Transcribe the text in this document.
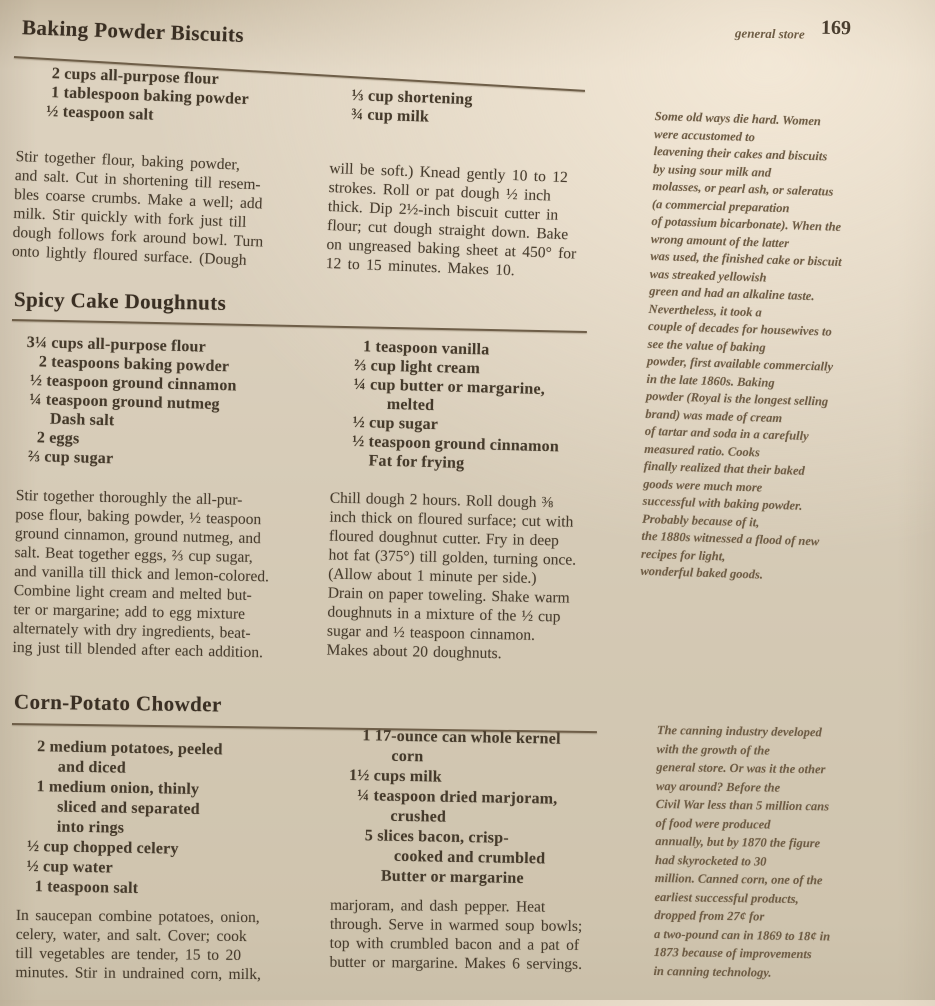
general store 169
Baking Powder Biscuits
2 cups all-purpose flour
1 tablespoon baking powder
½ teaspoon salt
⅓ cup shortening
¾ cup milk
Stir together flour, baking powder,
and salt. Cut in shortening till resem-
bles coarse crumbs. Make a well; add
milk. Stir quickly with fork just till
dough follows fork around bowl. Turn
onto lightly floured surface. (Dough
will be soft.) Knead gently 10 to 12
strokes. Roll or pat dough ½ inch
thick. Dip 2½-inch biscuit cutter in
flour; cut dough straight down. Bake
on ungreased baking sheet at 450° for
12 to 15 minutes. Makes 10.
Some old ways die hard. Women
were accustomed to
leavening their cakes and biscuits
by using sour milk and
molasses, or pearl ash, or saleratus
(a commercial preparation
of potassium bicarbonate). When the
wrong amount of the latter
was used, the finished cake or biscuit
was streaked yellowish
green and had an alkaline taste.
Nevertheless, it took a
couple of decades for housewives to
see the value of baking
powder, first available commercially
in the late 1860s. Baking
powder (Royal is the longest selling
brand) was made of cream
of tartar and soda in a carefully
measured ratio. Cooks
finally realized that their baked
goods were much more
successful with baking powder.
Probably because of it,
the 1880s witnessed a flood of new
recipes for light,
wonderful baked goods.
Spicy Cake Doughnuts
3¼ cups all-purpose flour
2 teaspoons baking powder
½ teaspoon ground cinnamon
¼ teaspoon ground nutmeg
Dash salt
2 eggs
⅔ cup sugar
1 teaspoon vanilla
⅔ cup light cream
¼ cup butter or margarine,
melted
½ cup sugar
½ teaspoon ground cinnamon
Fat for frying
Stir together thoroughly the all-pur-
pose flour, baking powder, ½ teaspoon
ground cinnamon, ground nutmeg, and
salt. Beat together eggs, ⅔ cup sugar,
and vanilla till thick and lemon-colored.
Combine light cream and melted but-
ter or margarine; add to egg mixture
alternately with dry ingredients, beat-
ing just till blended after each addition.
Chill dough 2 hours. Roll dough ⅜
inch thick on floured surface; cut with
floured doughnut cutter. Fry in deep
hot fat (375°) till golden, turning once.
(Allow about 1 minute per side.)
Drain on paper toweling. Shake warm
doughnuts in a mixture of the ½ cup
sugar and ½ teaspoon cinnamon.
Makes about 20 doughnuts.
Corn-Potato Chowder
2 medium potatoes, peeled
and diced
1 medium onion, thinly
sliced and separated
into rings
½ cup chopped celery
½ cup water
1 teaspoon salt
1 17-ounce can whole kernel
corn
1½ cups milk
¼ teaspoon dried marjoram,
crushed
5 slices bacon, crisp-
cooked and crumbled
Butter or margarine
In saucepan combine potatoes, onion,
celery, water, and salt. Cover; cook
till vegetables are tender, 15 to 20
minutes. Stir in undrained corn, milk,
marjoram, and dash pepper. Heat
through. Serve in warmed soup bowls;
top with crumbled bacon and a pat of
butter or margarine. Makes 6 servings.
The canning industry developed
with the growth of the
general store. Or was it the other
way around? Before the
Civil War less than 5 million cans
of food were produced
annually, but by 1870 the figure
had skyrocketed to 30
million. Canned corn, one of the
earliest successful products,
dropped from 27¢ for
a two-pound can in 1869 to 18¢ in
1873 because of improvements
in canning technology.
